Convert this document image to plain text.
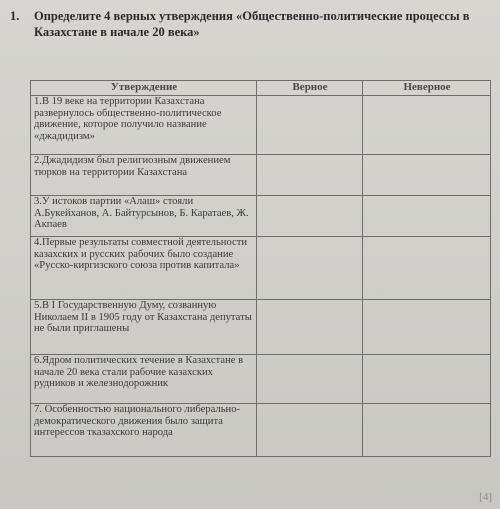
1.	Определите 4 верных утверждения «Общественно-политические процессы в Казахстане в начале 20 века»
Утверждение	Верное	Неверное
1.В 19 веке на территории Казахстана развернулось общественно-политическое движение, которое получило название «джадидизм»		
2.Джадидизм был религиозным движением тюрков на территории Казахстана		
3.У истоков партии «Алаш» стояли А.Букейханов, А. Байтурсынов, Б. Каратаев, Ж. Акпаев		
4.Первые результаты совместной деятельности казахских и русских рабочих было создание «Русско-киргизского союза против капитала»		
5.В I Государственную Думу, созванную Николаем II в 1905 году от Казахстана депутаты не были приглашены		
6.Ядром политических течение в Казахстане в начале 20 века стали рабочие казахских рудников и железнодорожник		
7. Особенностью национального либерально-демократического движения было защита интерессов тказахского народа		
[4]
